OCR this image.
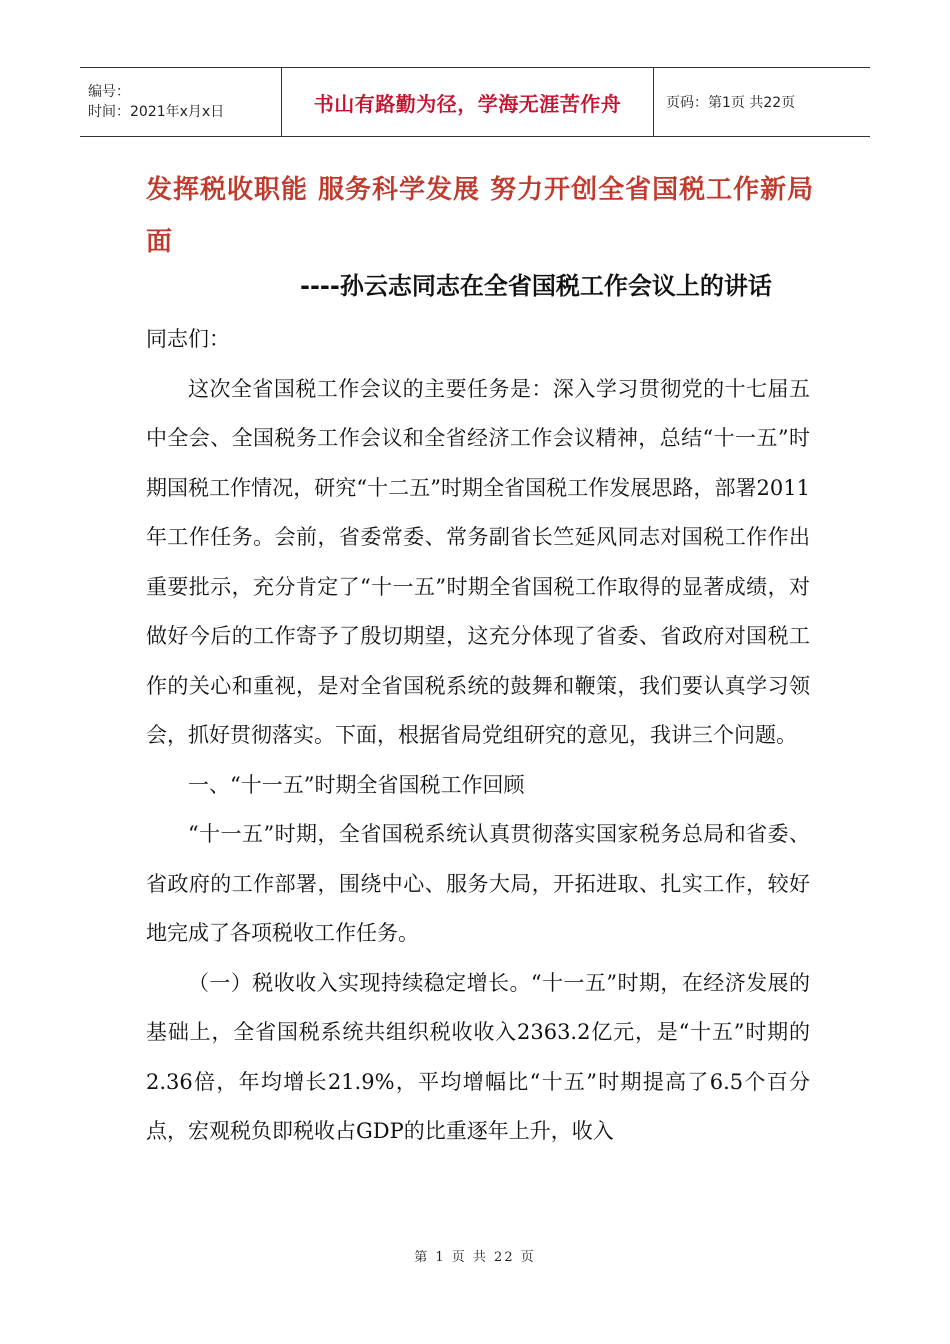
编号：
时间：2021年x月x日	书山有路勤为径，学海无涯苦作舟	页码：第1页 共22页
发挥税收职能 服务科学发展 努力开创全省国税工作新局面
----孙云志同志在全省国税工作会议上的讲话

同志们：

这次全省国税工作会议的主要任务是：深入学习贯彻党的十七届五中全会、全国税务工作会议和全省经济工作会议精神，总结“十一五”时期国税工作情况，研究“十二五”时期全省国税工作发展思路，部署2011年工作任务。会前，省委常委、常务副省长竺延风同志对国税工作作出重要批示，充分肯定了“十一五”时期全省国税工作取得的显著成绩，对做好今后的工作寄予了殷切期望，这充分体现了省委、省政府对国税工作的关心和重视，是对全省国税系统的鼓舞和鞭策，我们要认真学习领会，抓好贯彻落实。下面，根据省局党组研究的意见，我讲三个问题。

一、“十一五”时期全省国税工作回顾

“十一五”时期，全省国税系统认真贯彻落实国家税务总局和省委、省政府的工作部署，围绕中心、服务大局，开拓进取、扎实工作，较好地完成了各项税收工作任务。

（一）税收收入实现持续稳定增长。“十一五”时期，在经济发展的基础上，全省国税系统共组织税收收入2363.2亿元，是“十五”时期的2.36倍，年均增长21.9%，平均增幅比“十五”时期提高了6.5个百分点，宏观税负即税收占GDP的比重逐年上升，收入

第 1 页 共 22 页
